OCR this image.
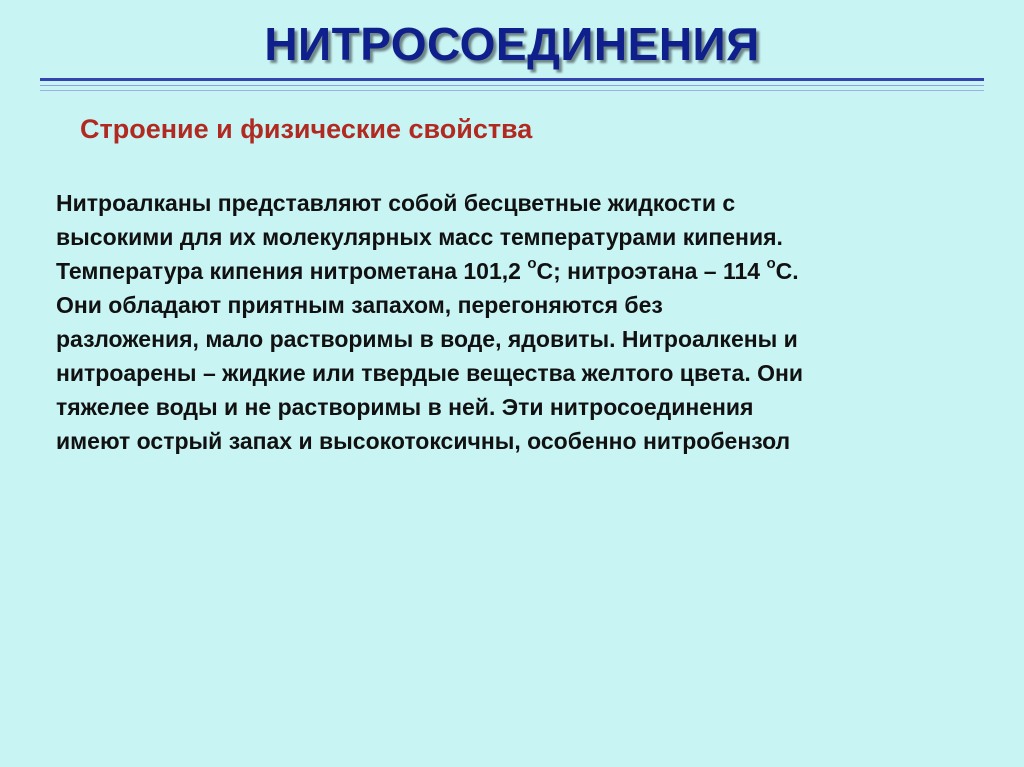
НИТРОСОЕДИНЕНИЯ
Строение и физические свойства
Нитроалканы представляют собой бесцветные жидкости с
высокими для их молекулярных масс температурами кипения.
Температура кипения нитрометана 101,2 $^о$С; нитроэтана – 114 $^о$С.
Они обладают приятным запахом, перегоняются без
разложения, мало растворимы в воде, ядовиты. Нитроалкены и
нитроарены – жидкие или твердые вещества желтого цвета. Они
тяжелее воды и не растворимы в ней. Эти нитросоединения
имеют острый запах и высокотоксичны, особенно нитробензол
